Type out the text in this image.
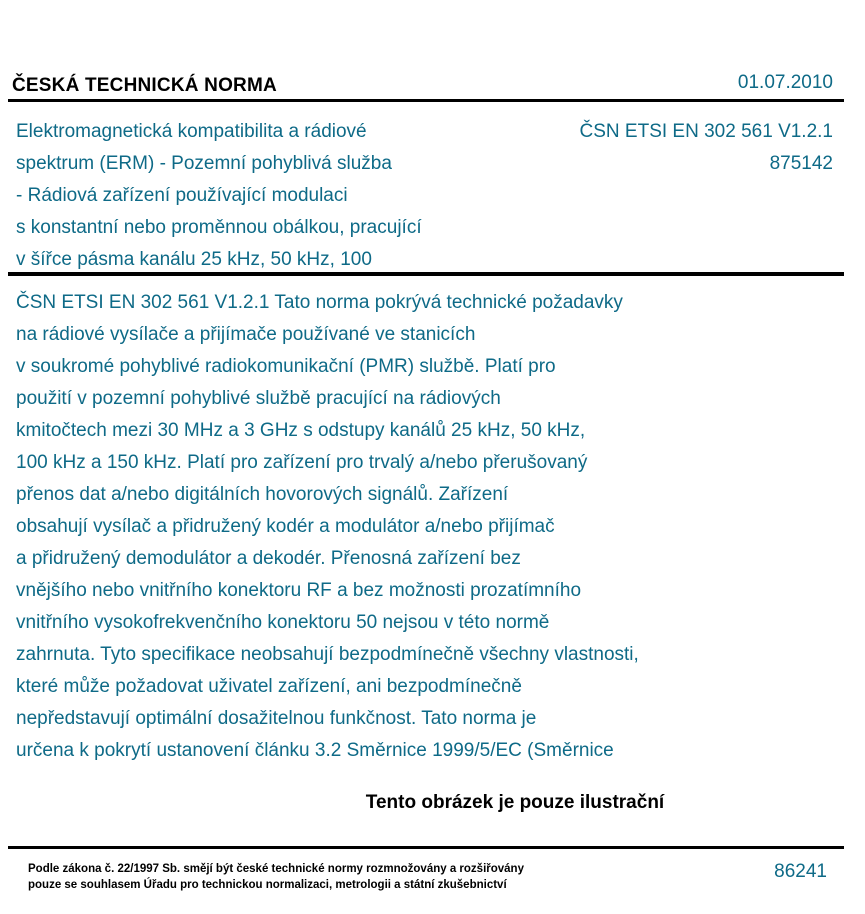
ČESKÁ TECHNICKÁ NORMA	01.07.2010
Elektromagnetická kompatibilita a rádiové
spektrum (ERM) - Pozemní pohyblivá služba
- Rádiová zařízení používající modulaci
s konstantní nebo proměnnou obálkou, pracující
v šířce pásma kanálu 25 kHz, 50 kHz, 100
ČSN ETSI EN 302 561 V1.2.1
875142
ČSN ETSI EN 302 561 V1.2.1 Tato norma pokrývá technické požadavky
na rádiové vysílače a přijímače používané ve stanicích
v soukromé pohyblivé radiokomunikační (PMR) službě. Platí pro
použití v pozemní pohyblivé službě pracující na rádiových
kmitočtech mezi 30 MHz a 3 GHz s odstupy kanálů 25 kHz, 50 kHz,
100 kHz a 150 kHz. Platí pro zařízení pro trvalý a/nebo přerušovaný
přenos dat a/nebo digitálních hovorových signálů. Zařízení
obsahují vysílač a přidružený kodér a modulátor a/nebo přijímač
a přidružený demodulátor a dekodér. Přenosná zařízení bez
vnějšího nebo vnitřního konektoru RF a bez možnosti prozatímního
vnitřního vysokofrekvenčního konektoru 50 nejsou v této normě
zahrnuta. Tyto specifikace neobsahují bezpodmínečně všechny vlastnosti,
které může požadovat uživatel zařízení, ani bezpodmínečně
nepředstavují optimální dosažitelnou funkčnost. Tato norma je
určena k pokrytí ustanovení článku 3.2 Směrnice 1999/5/EC (Směrnice
Tento obrázek je pouze ilustrační
Podle zákona č. 22/1997 Sb. smějí být české technické normy rozmnožovány a rozšiřovány
pouze se souhlasem Úřadu pro technickou normalizaci, metrologii a státní zkušebnictví
86241
